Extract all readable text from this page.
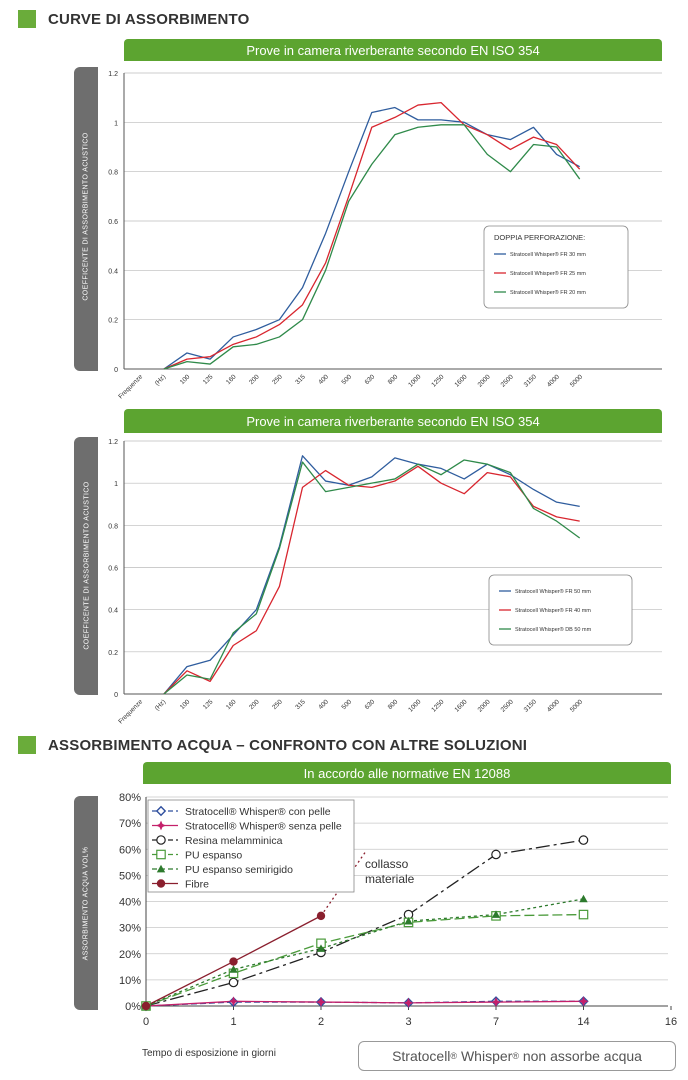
CURVE DI ASSORBIMENTO
Prove in camera riverberante secondo EN ISO 354
COEFFICENTE DI ASSORBIMENTO ACUSTICO
Prove in camera riverberante secondo EN ISO 354
COEFFICENTE DI ASSORBIMENTO ACUSTICO
ASSORBIMENTO ACQUA – CONFRONTO CON ALTRE SOLUZIONI
In accordo alle normative EN 12088
ASSORBIMENTO ACQUA VOL%
0
0.2
0.4
0.6
0.8
1
1.2
Frequenze (Hz) 100 125 160 200 250 315 400 500 630 800 1000 1250 1600 2000 2500 3150 4000 5000
DOPPIA PERFORAZIONE:
Stratocell Whisper® FR 30 mm
Stratocell Whisper® FR 25 mm
Stratocell Whisper® FR 20 mm
0
0.2
0.4
0.6
0.8
1
1.2
Frequenze (Hz) 100 125 160 200 250 315 400 500 630 800 1000 1250 1600 2000 2500 3150 4000 5000
Stratocell Whisper® FR 50 mm
Stratocell Whisper® FR 40 mm
Stratocell Whisper® DB 50 mm
0%
10%
20%
30%
40%
50%
60%
70%
80%
0	1	2	3	7	14	16
Tempo di esposizione in giorni
collasso
materiale
Stratocell® Whisper® con pelle
Stratocell® Whisper® senza pelle
Resina melamminica
PU espanso
PU espanso semirigido
Fibre
Stratocell ®
Whisper ®
non assorbe acqua
